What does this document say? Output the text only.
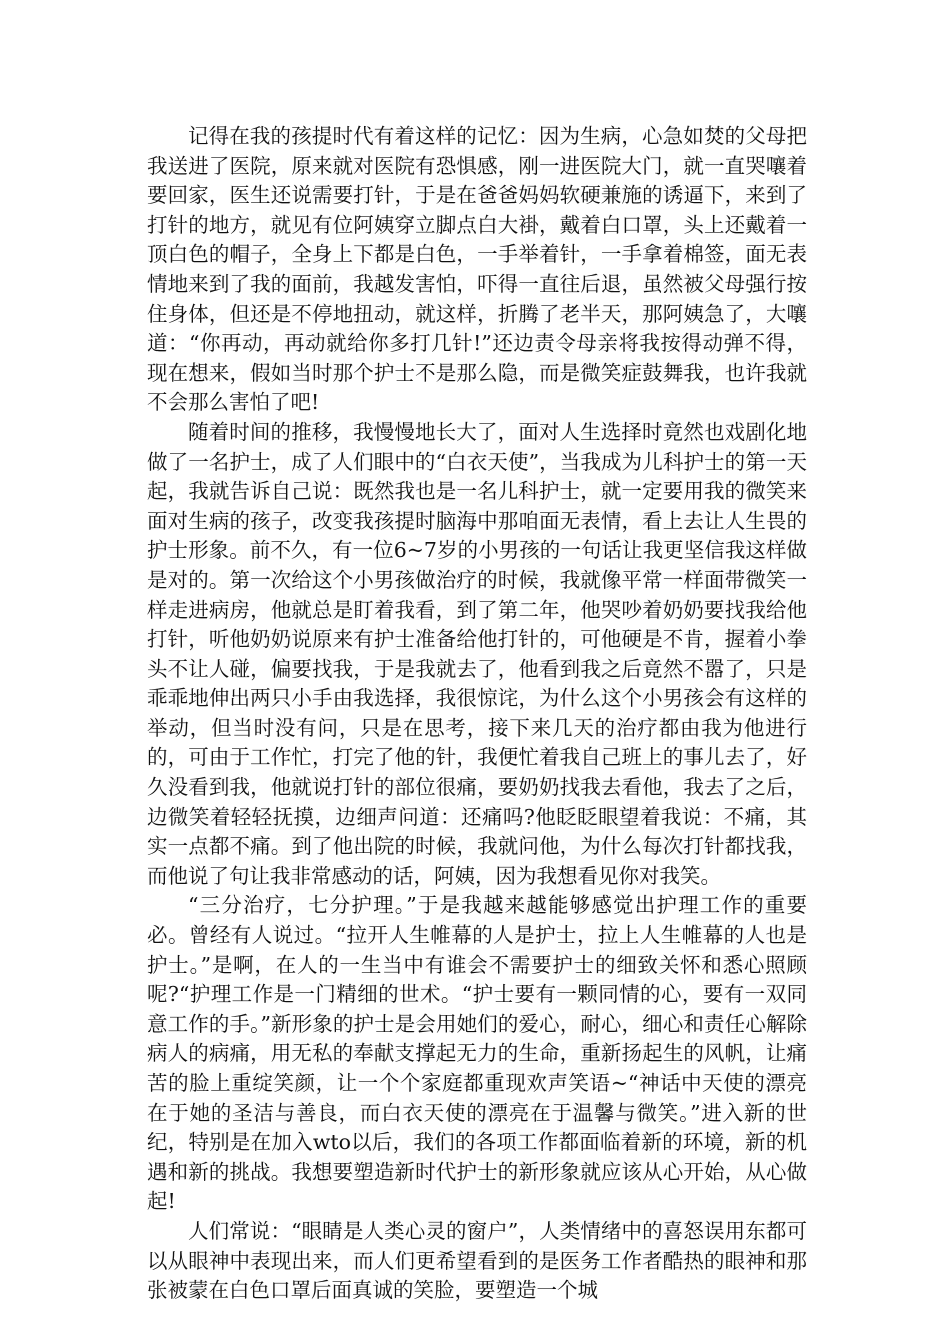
记得在我的孩提时代有着这样的记忆：因为生病，心急如焚的父母把我送进了医院，原来就对医院有恐惧感，刚一进医院大门，就一直哭嚷着要回家，医生还说需要打针，于是在爸爸妈妈软硬兼施的诱逼下，来到了打针的地方，就见有位阿姨穿立脚点白大褂，戴着白口罩，头上还戴着一顶白色的帽子，全身上下都是白色，一手举着针，一手拿着棉签，面无表情地来到了我的面前，我越发害怕，吓得一直往后退，虽然被父母强行按住身体，但还是不停地扭动，就这样，折腾了老半天，那阿姨急了，大嚷道：“你再动，再动就给你多打几针!”还边责令母亲将我按得动弹不得，现在想来，假如当时那个护士不是那么隐，而是微笑症鼓舞我，也许我就不会那么害怕了吧!

随着时间的推移，我慢慢地长大了，面对人生选择时竟然也戏剧化地做了一名护士，成了人们眼中的“白衣天使”，当我成为儿科护士的第一天起，我就告诉自己说：既然我也是一名儿科护士，就一定要用我的微笑来面对生病的孩子，改变我孩提时脑海中那咱面无表情，看上去让人生畏的护士形象。前不久，有一位6~7岁的小男孩的一句话让我更坚信我这样做是对的。第一次给这个小男孩做治疗的时候，我就像平常一样面带微笑一样走进病房，他就总是盯着我看，到了第二年，他哭吵着奶奶要找我给他打针，听他奶奶说原来有护士准备给他打针的，可他硬是不肯，握着小拳头不让人碰，偏要找我，于是我就去了，他看到我之后竟然不嚣了，只是乖乖地伸出两只小手由我选择，我很惊诧，为什么这个小男孩会有这样的举动，但当时没有问，只是在思考，接下来几天的治疗都由我为他进行的，可由于工作忙，打完了他的针，我便忙着我自己班上的事儿去了，好久没看到我，他就说打针的部位很痛，要奶奶找我去看他，我去了之后，边微笑着轻轻抚摸，边细声问道：还痛吗?他眨眨眼望着我说：不痛，其实一点都不痛。到了他出院的时候，我就问他，为什么每次打针都找我，而他说了句让我非常感动的话，阿姨，因为我想看见你对我笑。

“三分治疗，七分护理。”于是我越来越能够感觉出护理工作的重要必。曾经有人说过。“拉开人生帷幕的人是护士，拉上人生帷幕的人也是护士。”是啊，在人的一生当中有谁会不需要护士的细致关怀和悉心照顾呢?“护理工作是一门精细的世术。“护士要有一颗同情的心，要有一双同意工作的手。”新形象的护士是会用她们的爱心，耐心，细心和责任心解除病人的病痛，用无私的奉献支撑起无力的生命，重新扬起生的风帆，让痛苦的脸上重绽笑颜，让一个个家庭都重现欢声笑语~“神话中天使的漂亮在于她的圣洁与善良，而白衣天使的漂亮在于温馨与微笑。”进入新的世纪，特别是在加入wto以后，我们的各项工作都面临着新的环境，新的机遇和新的挑战。我想要塑造新时代护士的新形象就应该从心开始，从心做起!

人们常说：“眼睛是人类心灵的窗户”，人类情绪中的喜怒误用东都可以从眼神中表现出来，而人们更希望看到的是医务工作者酷热的眼神和那张被蒙在白色口罩后面真诚的笑脸，要塑造一个城
